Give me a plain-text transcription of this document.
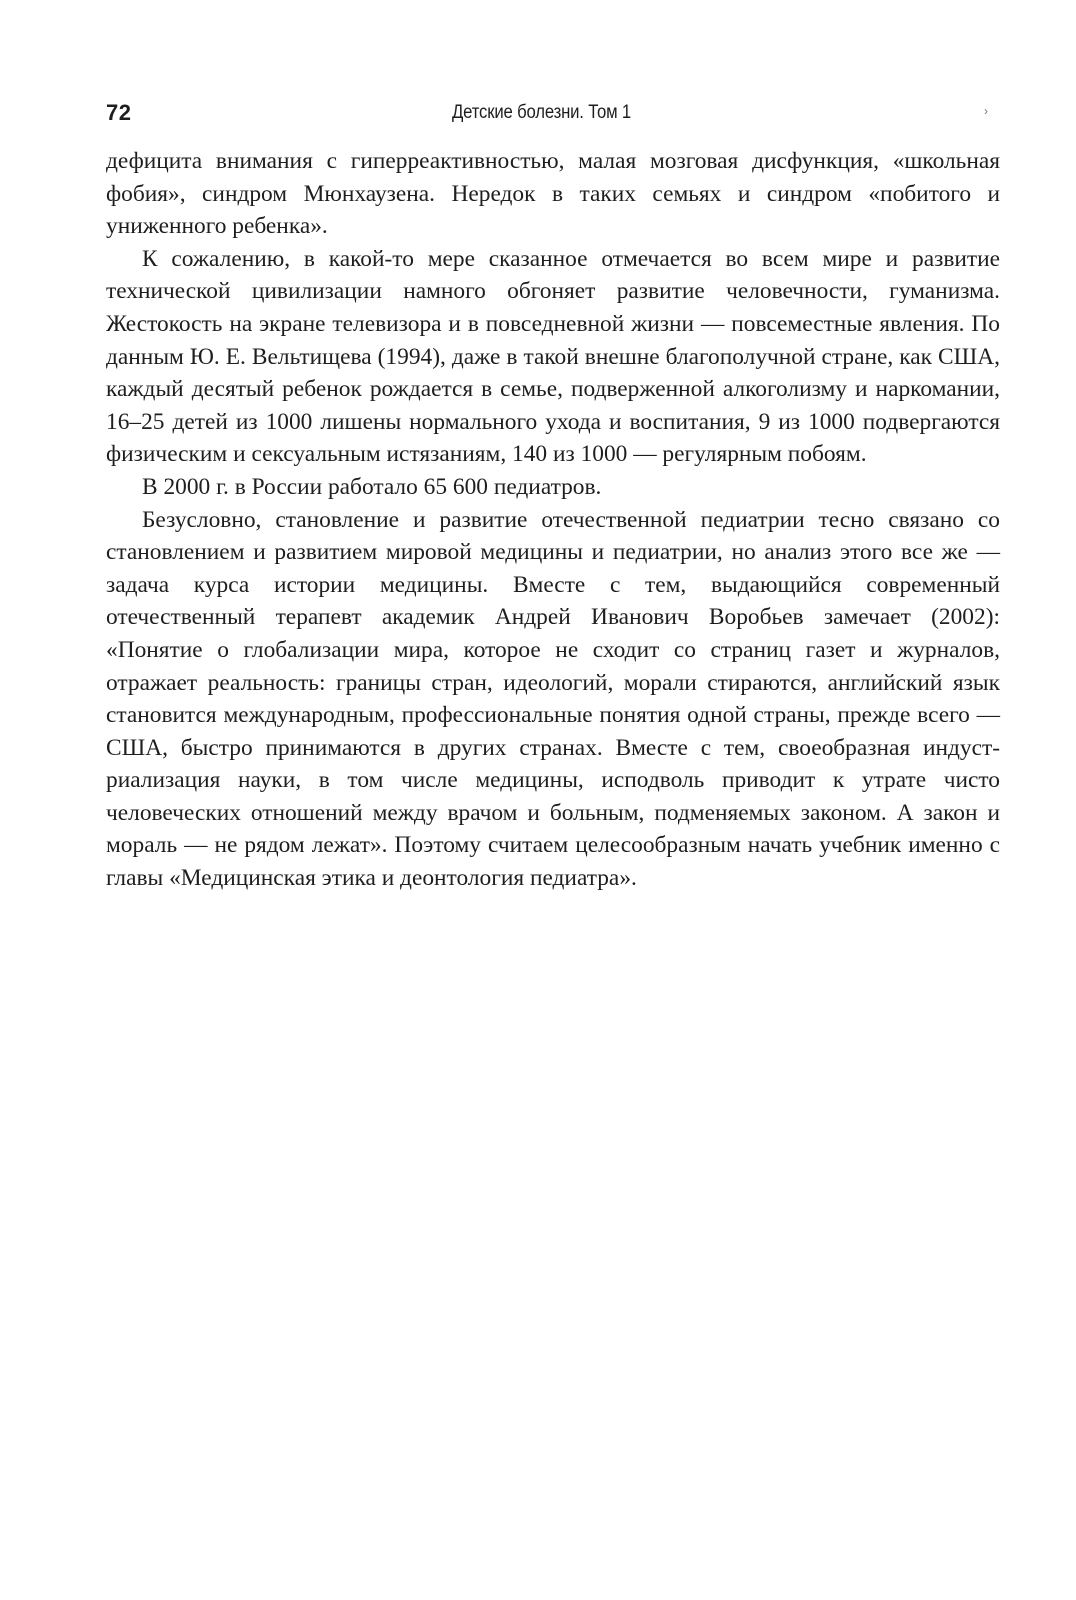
72	Детские болезни. Том 1	›

дефицита внимания с гиперреактивностью, малая мозговая дисфункция, «школьная фобия», синдром Мюнхаузена. Нередок в таких семьях и синдром «побитого и униженного ребенка».

К сожалению, в какой-то мере сказанное отмечается во всем мире и развитие технической цивилизации намного обгоняет развитие человечности, гуманизма. Жестокость на экране телевизора и в повседневной жизни — повсеместные явления. По данным Ю. Е. Вельтищева (1994), даже в такой внешне благополучной стране, как США, каждый десятый ребенок рождается в семье, подверженной алкоголизму и наркомании, 16–25 детей из 1000 лишены нормального ухода и воспитания, 9 из 1000 подвергаются физическим и сексуальным истязаниям, 140 из 1000 — регулярным побоям.

В 2000 г. в России работало 65 600 педиатров.

Безусловно, становление и развитие отечественной педиатрии тесно связано со становлением и развитием мировой медицины и педиатрии, но анализ этого все же — задача курса истории медицины. Вместе с тем, выдающийся современный отечественный терапевт академик Андрей Иванович Воробьев замечает (2002): «Понятие о глобализации мира, которое не сходит со страниц газет и журналов, отражает реальность: границы стран, идеологий, морали стираются, английский язык становится международным, профессиональные понятия одной страны, прежде всего — США, быстро принимаются в других странах. Вместе с тем, своеобразная индустриализация науки, в том числе медицины, исподволь приводит к утрате чисто человеческих отношений между врачом и больным, подменяемых законом. А закон и мораль — не рядом лежат». Поэтому считаем целесообразным начать учебник именно с главы «Медицинская этика и деонтология педиатра».
